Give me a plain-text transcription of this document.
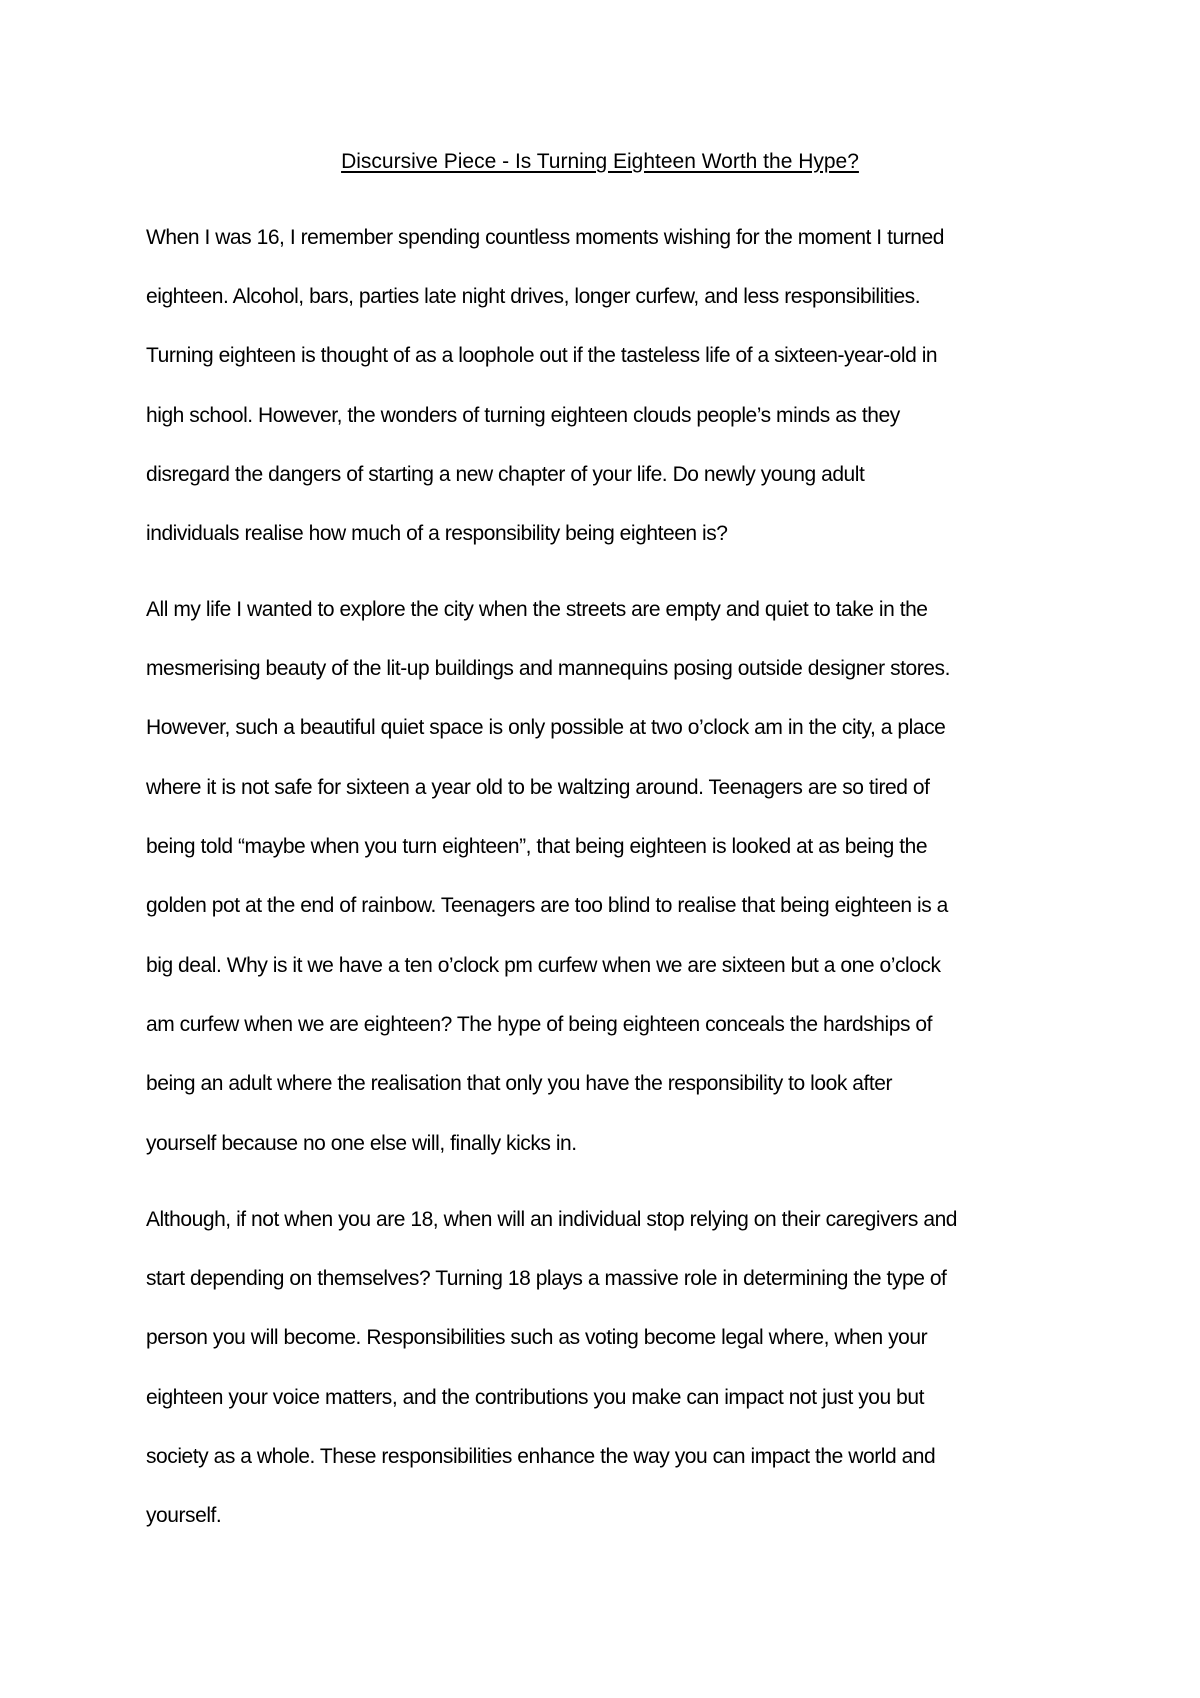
Discursive Piece - Is Turning Eighteen Worth the Hype?
When I was 16, I remember spending countless moments wishing for the moment I turned
eighteen. Alcohol, bars, parties late night drives, longer curfew, and less responsibilities.
Turning eighteen is thought of as a loophole out if the tasteless life of a sixteen-year-old in
high school. However, the wonders of turning eighteen clouds people’s minds as they
disregard the dangers of starting a new chapter of your life. Do newly young adult
individuals realise how much of a responsibility being eighteen is?
All my life I wanted to explore the city when the streets are empty and quiet to take in the
mesmerising beauty of the lit-up buildings and mannequins posing outside designer stores.
However, such a beautiful quiet space is only possible at two o’clock am in the city, a place
where it is not safe for sixteen a year old to be waltzing around. Teenagers are so tired of
being told “maybe when you turn eighteen”, that being eighteen is looked at as being the
golden pot at the end of rainbow. Teenagers are too blind to realise that being eighteen is a
big deal. Why is it we have a ten o’clock pm curfew when we are sixteen but a one o’clock
am curfew when we are eighteen? The hype of being eighteen conceals the hardships of
being an adult where the realisation that only you have the responsibility to look after
yourself because no one else will, finally kicks in.
Although, if not when you are 18, when will an individual stop relying on their caregivers and
start depending on themselves? Turning 18 plays a massive role in determining the type of
person you will become. Responsibilities such as voting become legal where, when your
eighteen your voice matters, and the contributions you make can impact not just you but
society as a whole. These responsibilities enhance the way you can impact the world and
yourself.
